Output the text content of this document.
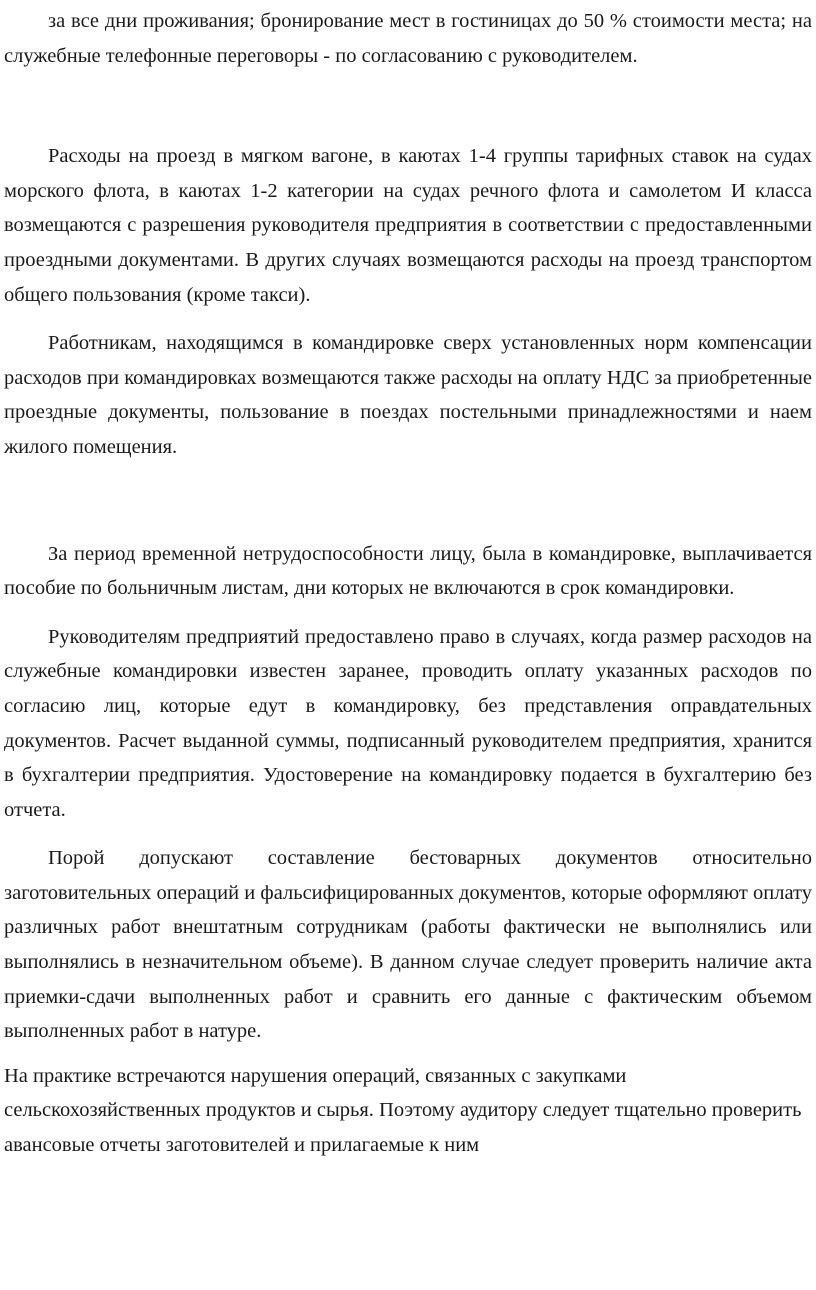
за все дни проживания; бронирование мест в гостиницах до 50 % стоимости места; на служебные телефонные переговоры - по согласованию с руководителем.

Расходы на проезд в мягком вагоне, в каютах 1-4 группы тарифных ставок на судах морского флота, в каютах 1-2 категории на судах речного флота и самолетом И класса возмещаются с разрешения руководителя предприятия в соответствии с предоставленными проездными документами. В других случаях возмещаются расходы на проезд транспортом общего пользования (кроме такси).

Работникам, находящимся в командировке сверх установленных норм компенсации расходов при командировках возмещаются также расходы на оплату НДС за приобретенные проездные документы, пользование в поездах постельными принадлежностями и наем жилого помещения.

За период временной нетрудоспособности лицу, была в командировке, выплачивается пособие по больничным листам, дни которых не включаются в срок командировки.

Руководителям предприятий предоставлено право в случаях, когда размер расходов на служебные командировки известен заранее, проводить оплату указанных расходов по согласию лиц, которые едут в командировку, без представления оправдательных документов. Расчет выданной суммы, подписанный руководителем предприятия, хранится в бухгалтерии предприятия. Удостоверение на командировку подается в бухгалтерию без отчета.

Порой допускают составление бестоварных документов относительно заготовительных операций и фальсифицированных документов, которые оформляют оплату различных работ внештатным сотрудникам (работы фактически не выполнялись или выполнялись в незначительном объеме). В данном случае следует проверить наличие акта приемки-сдачи выполненных работ и сравнить его данные с фактическим объемом выполненных работ в натуре.

На практике встречаются нарушения операций, связанных с закупками сельскохозяйственных продуктов и сырья. Поэтому аудитору следует тщательно проверить авансовые отчеты заготовителей и прилагаемые к ним
